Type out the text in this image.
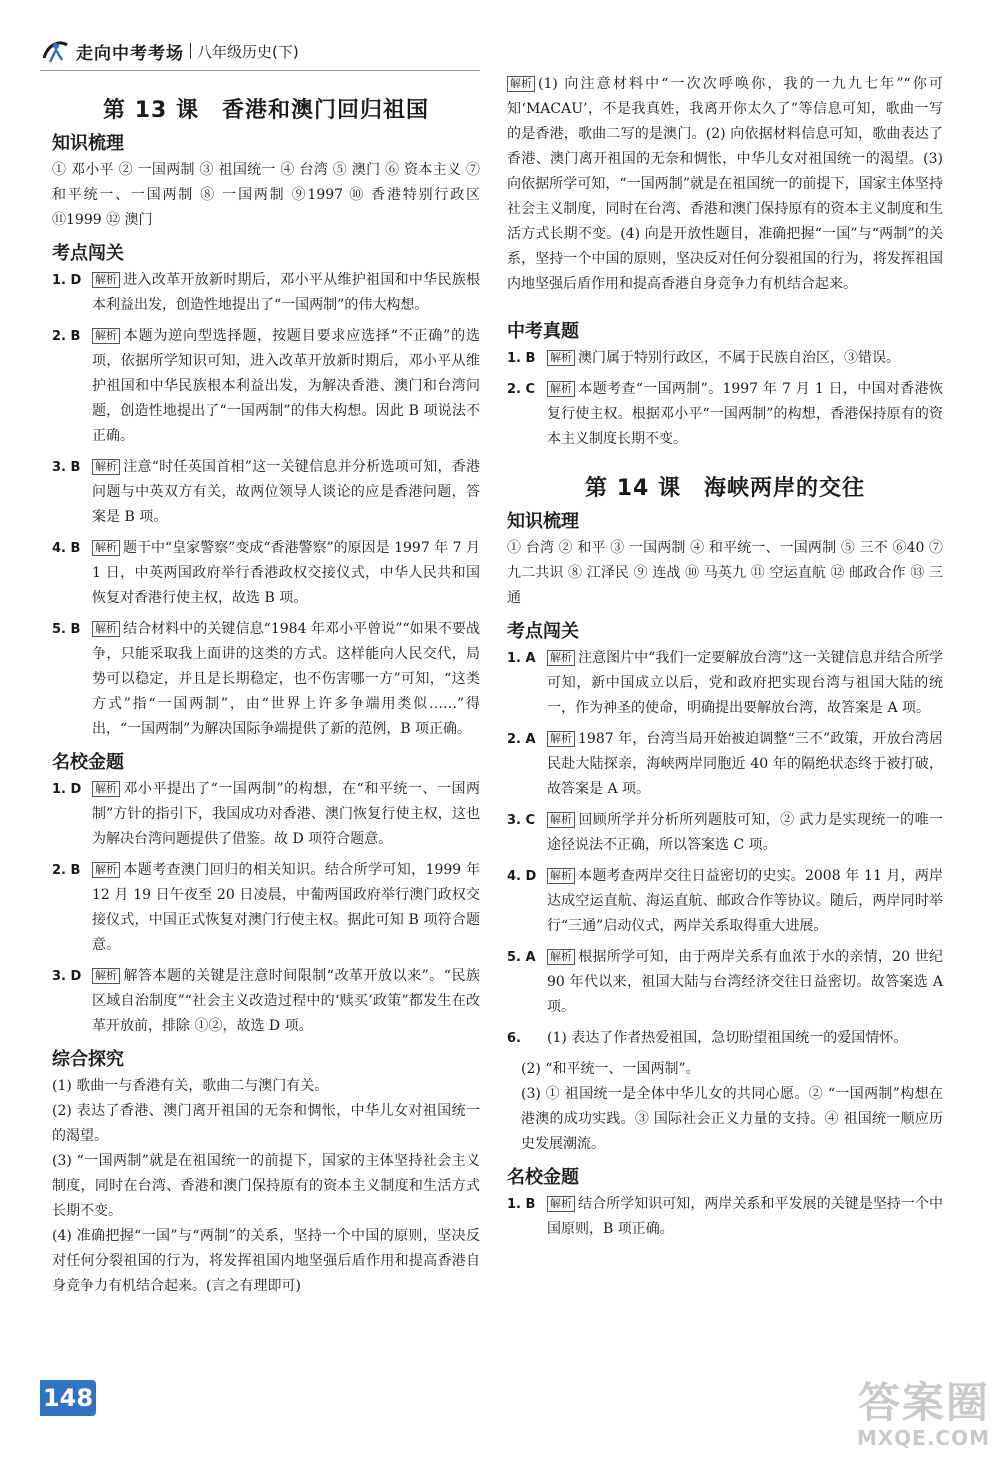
走向中考考场 八年级历史(下)
第 13 课　香港和澳门回归祖国
知识梳理

① 邓小平 ② 一国两制 ③ 祖国统一 ④ 台湾 ⑤ 澳门 ⑥ 资本主义 ⑦ 和平统一、一国两制 ⑧ 一国两制 ⑨1997 ⑩ 香港特别行政区 ⑪1999 ⑫ 澳门

考点闯关
1. D	解析 进入改革开放新时期后，邓小平从维护祖国和中华民族根本利益出发，创造性地提出了“一国两制”的伟大构想。
2. B	解析 本题为逆向型选择题，按题目要求应选择“不正确”的选项，依据所学知识可知，进入改革开放新时期后，邓小平从维护祖国和中华民族根本利益出发，为解决香港、澳门和台湾问题，创造性地提出了“一国两制”的伟大构想。因此 B 项说法不正确。
3. B	解析 注意“时任英国首相”这一关键信息并分析选项可知，香港问题与中英双方有关，故两位领导人谈论的应是香港问题，答案是 B 项。
4. B	解析 题干中“皇家警察”变成“香港警察”的原因是 1997 年 7 月 1 日，中英两国政府举行香港政权交接仪式，中华人民共和国恢复对香港行使主权，故选 B 项。
5. B	解析 结合材料中的关键信息“1984 年邓小平曾说”“如果不要战争，只能采取我上面讲的这类的方式。这样能向人民交代，局势可以稳定，并且是长期稳定，也不伤害哪一方”可知，“这类方式”指“一国两制”，由“世界上许多争端用类似……”得出，“一国两制”为解决国际争端提供了新的范例，B 项正确。
名校金题
1. D	解析 邓小平提出了“一国两制”的构想，在“和平统一、一国两制”方针的指引下，我国成功对香港、澳门恢复行使主权，这也为解决台湾问题提供了借鉴。故 D 项符合题意。
2. B	解析 本题考查澳门回归的相关知识。结合所学可知，1999 年 12 月 19 日午夜至 20 日凌晨，中葡两国政府举行澳门政权交接仪式，中国正式恢复对澳门行使主权。据此可知 B 项符合题意。
3. D	解析 解答本题的关键是注意时间限制“改革开放以来”。“民族区域自治制度”“社会主义改造过程中的‘赎买’政策”都发生在改革开放前，排除 ①②，故选 D 项。
综合探究

(1) 歌曲一与香港有关，歌曲二与澳门有关。

(2) 表达了香港、澳门离开祖国的无奈和惆怅，中华儿女对祖国统一的渴望。

(3) “一国两制”就是在祖国统一的前提下，国家的主体坚持社会主义制度，同时在台湾、香港和澳门保持原有的资本主义制度和生活方式长期不变。

(4) 准确把握“一国”与“两制”的关系，坚持一个中国的原则，坚决反对任何分裂祖国的行为，将发挥祖国内地坚强后盾作用和提高香港自身竞争力有机结合起来。(言之有理即可)

解析 (1) 向注意材料中“一次次呼唤你，我的一九九七年”“你可知‘MACAU’，不是我真姓，我离开你太久了”等信息可知，歌曲一写的是香港，歌曲二写的是澳门。(2) 向依据材料信息可知，歌曲表达了香港、澳门离开祖国的无奈和惆怅，中华儿女对祖国统一的渴望。(3) 向依据所学可知，“一国两制”就是在祖国统一的前提下，国家主体坚持社会主义制度，同时在台湾、香港和澳门保持原有的资本主义制度和生活方式长期不变。(4) 向是开放性题目，准确把握“一国”与“两制”的关系，坚持一个中国的原则，坚决反对任何分裂祖国的行为，将发挥祖国内地坚强后盾作用和提高香港自身竞争力有机结合起来。

中考真题
1. B	解析 澳门属于特别行政区，不属于民族自治区，③错误。
2. C	解析 本题考查“一国两制”。1997 年 7 月 1 日，中国对香港恢复行使主权。根据邓小平“一国两制”的构想，香港保持原有的资本主义制度长期不变。
第 14 课　海峡两岸的交往
知识梳理

① 台湾 ② 和平 ③ 一国两制 ④ 和平统一、一国两制 ⑤ 三不 ⑥40 ⑦ 九二共识 ⑧ 江泽民 ⑨ 连战 ⑩ 马英九 ⑪ 空运直航 ⑫ 邮政合作 ⑬ 三通

考点闯关
1. A	解析 注意图片中“我们一定要解放台湾”这一关键信息并结合所学可知，新中国成立以后，党和政府把实现台湾与祖国大陆的统一，作为神圣的使命，明确提出要解放台湾，故答案是 A 项。
2. A	解析 1987 年，台湾当局开始被迫调整“三不”政策，开放台湾居民赴大陆探亲，海峡两岸同胞近 40 年的隔绝状态终于被打破，故答案是 A 项。
3. C	解析 回顾所学并分析所列题肢可知，② 武力是实现统一的唯一途径说法不正确，所以答案选 C 项。
4. D	解析 本题考查两岸交往日益密切的史实。2008 年 11 月，两岸达成空运直航、海运直航、邮政合作等协议。随后，两岸同时举行“三通”启动仪式，两岸关系取得重大进展。
5. A	解析 根据所学可知，由于两岸关系有血浓于水的亲情，20 世纪 90 年代以来，祖国大陆与台湾经济交往日益密切。故答案选 A 项。
6.	(1) 表达了作者热爱祖国，急切盼望祖国统一的爱国情怀。

(2) “和平统一、一国两制”。

(3) ① 祖国统一是全体中华儿女的共同心愿。② “一国两制”构想在港澳的成功实践。③ 国际社会正义力量的支持。④ 祖国统一顺应历史发展潮流。

名校金题
1. B	解析 结合所学知识可知，两岸关系和平发展的关键是坚持一个中国原则，B 项正确。
148	答案圈
MXQE.COM
